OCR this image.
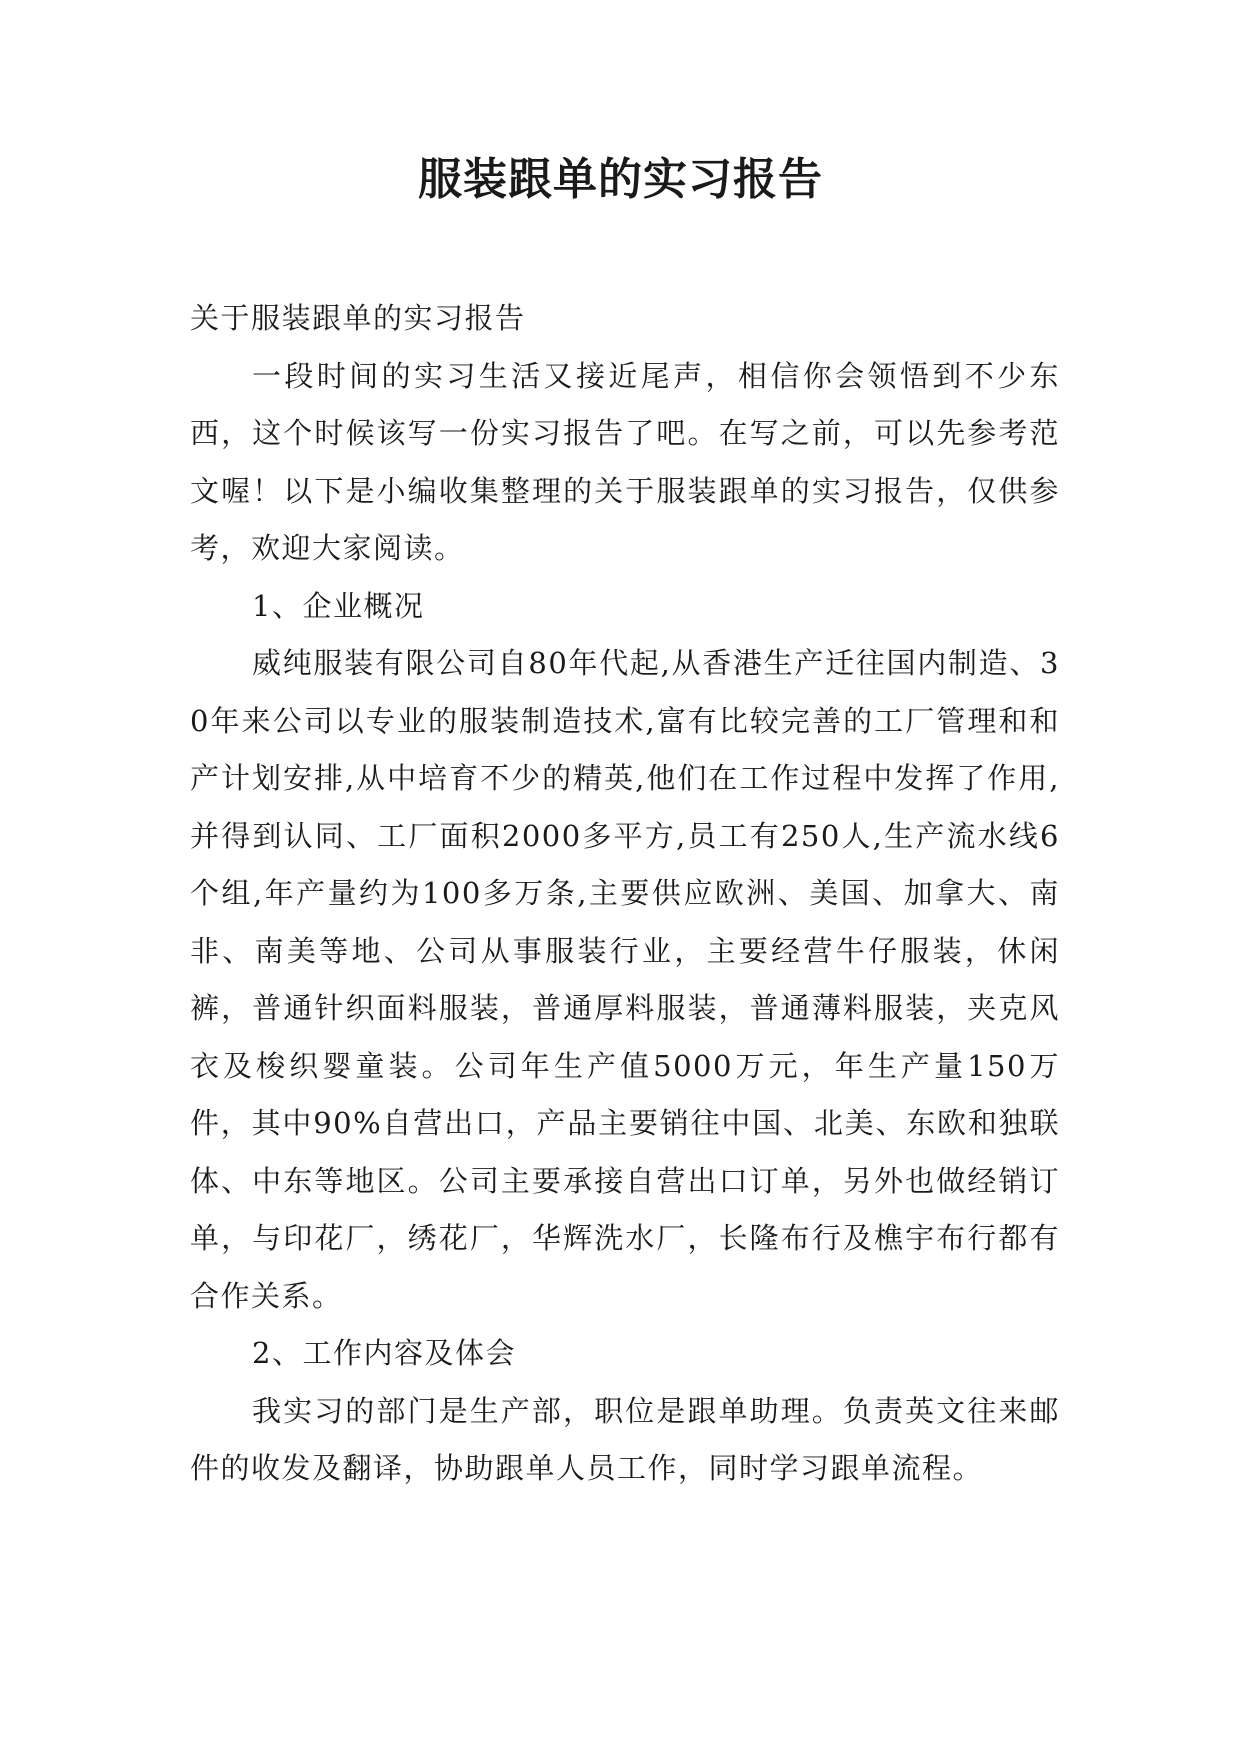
服装跟单的实习报告

关于服装跟单的实习报告

一段时间的实习生活又接近尾声，相信你会领悟到不少东西，这个时候该写一份实习报告了吧。在写之前，可以先参考范文喔！以下是小编收集整理的关于服装跟单的实习报告，仅供参考，欢迎大家阅读。

1、企业概况

威纯服装有限公司自80年代起,从香港生产迁往国内制造、30年来公司以专业的服装制造技术,富有比较完善的工厂管理和和产计划安排,从中培育不少的精英,他们在工作过程中发挥了作用,并得到认同、工厂面积2000多平方,员工有250人,生产流水线6个组,年产量约为100多万条,主要供应欧洲、美国、加拿大、南非、南美等地、公司从事服装行业，主要经营牛仔服装，休闲裤，普通针织面料服装，普通厚料服装，普通薄料服装，夹克风衣及梭织婴童装。公司年生产值5000万元，年生产量150万件，其中90%自营出口，产品主要销往中国、北美、东欧和独联体、中东等地区。公司主要承接自营出口订单，另外也做经销订单，与印花厂，绣花厂，华辉洗水厂，长隆布行及樵宇布行都有合作关系。

2、工作内容及体会

我实习的部门是生产部，职位是跟单助理。负责英文往来邮件的收发及翻译，协助跟单人员工作，同时学习跟单流程。
